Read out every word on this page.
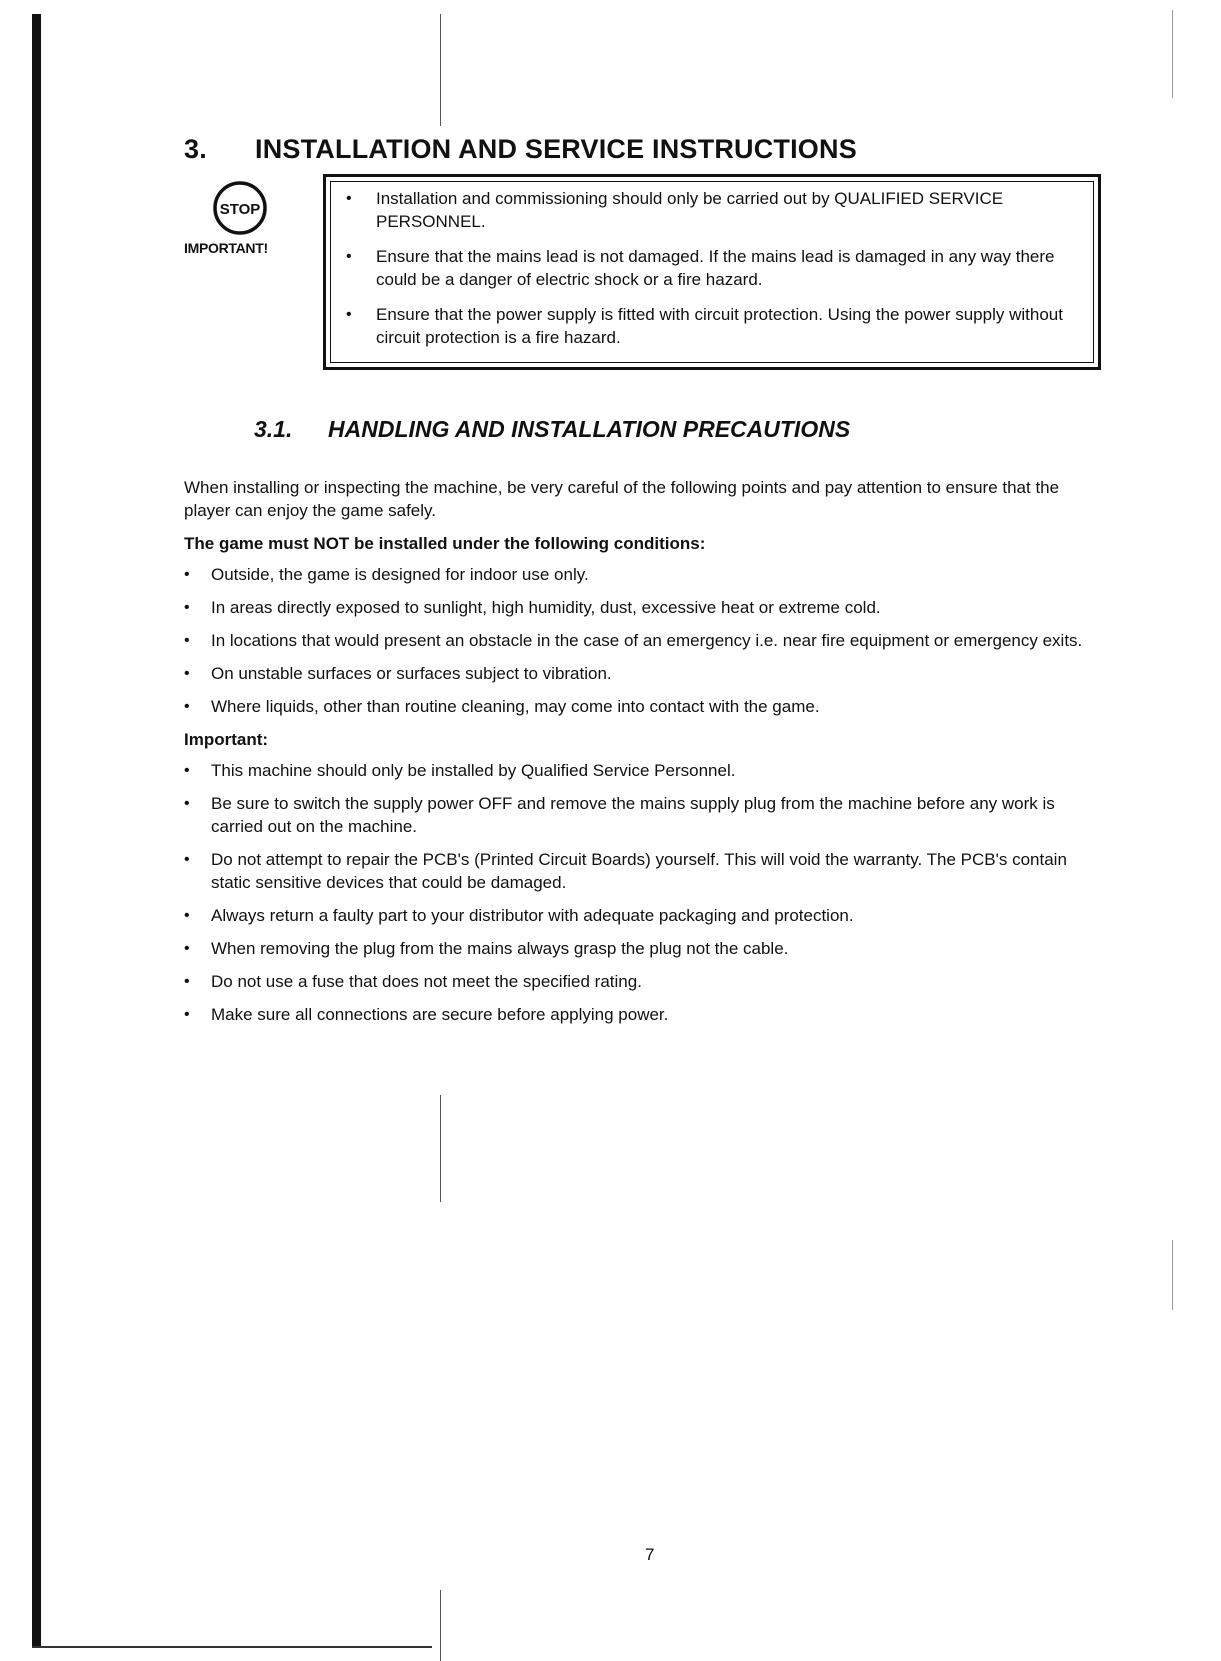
3. INSTALLATION AND SERVICE INSTRUCTIONS
STOP
IMPORTANT!
• Installation and commissioning should only be carried out by QUALIFIED SERVICE PERSONNEL.
• Ensure that the mains lead is not damaged. If the mains lead is damaged in any way there could be a danger of electric shock or a fire hazard.
• Ensure that the power supply is fitted with circuit protection. Using the power supply without circuit protection is a fire hazard.
3.1. HANDLING AND INSTALLATION PRECAUTIONS

When installing or inspecting the machine, be very careful of the following points and pay attention to ensure that the player can enjoy the game safely.

The game must NOT be installed under the following conditions:

• Outside, the game is designed for indoor use only.
• In areas directly exposed to sunlight, high humidity, dust, excessive heat or extreme cold.
• In locations that would present an obstacle in the case of an emergency i.e. near fire equipment or emergency exits.
• On unstable surfaces or surfaces subject to vibration.
• Where liquids, other than routine cleaning, may come into contact with the game.

Important:

• This machine should only be installed by Qualified Service Personnel.
• Be sure to switch the supply power OFF and remove the mains supply plug from the machine before any work is carried out on the machine.
• Do not attempt to repair the PCB's (Printed Circuit Boards) yourself. This will void the warranty. The PCB's contain static sensitive devices that could be damaged.
• Always return a faulty part to your distributor with adequate packaging and protection.
• When removing the plug from the mains always grasp the plug not the cable.
• Do not use a fuse that does not meet the specified rating.
• Make sure all connections are secure before applying power.
7
